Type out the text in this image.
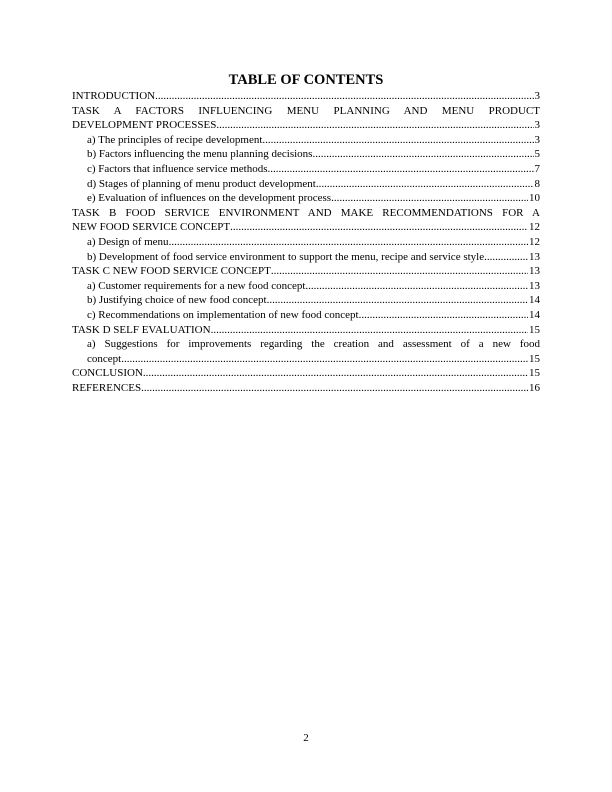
TABLE OF CONTENTS
INTRODUCTION .....	3
TASK A FACTORS INFLUENCING MENU PLANNING AND MENU PRODUCT
DEVELOPMENT PROCESSES .....	3
a) The principles of recipe development .....	3
b) Factors influencing the menu planning decisions .....	5
c) Factors that influence service methods .....	7
d) Stages of planning of menu product development .....	8
e) Evaluation of influences on the development process .....	10
TASK B FOOD SERVICE ENVIRONMENT AND MAKE RECOMMENDATIONS FOR A
NEW FOOD SERVICE CONCEPT .....	12
a) Design of menu .....	12
b) Development of food service environment to support the menu, recipe and service style. .....	13
TASK C NEW FOOD SERVICE CONCEPT .....	13
a) Customer requirements for a new food concept .....	13
b) Justifying choice of new food concept .....	14
c) Recommendations on implementation of new food concept .....	14
TASK D SELF EVALUATION .....	15
a) Suggestions for improvements regarding the creation and assessment of a new food
concept .....	15
CONCLUSION .....	15
REFERENCES .....	16
2
